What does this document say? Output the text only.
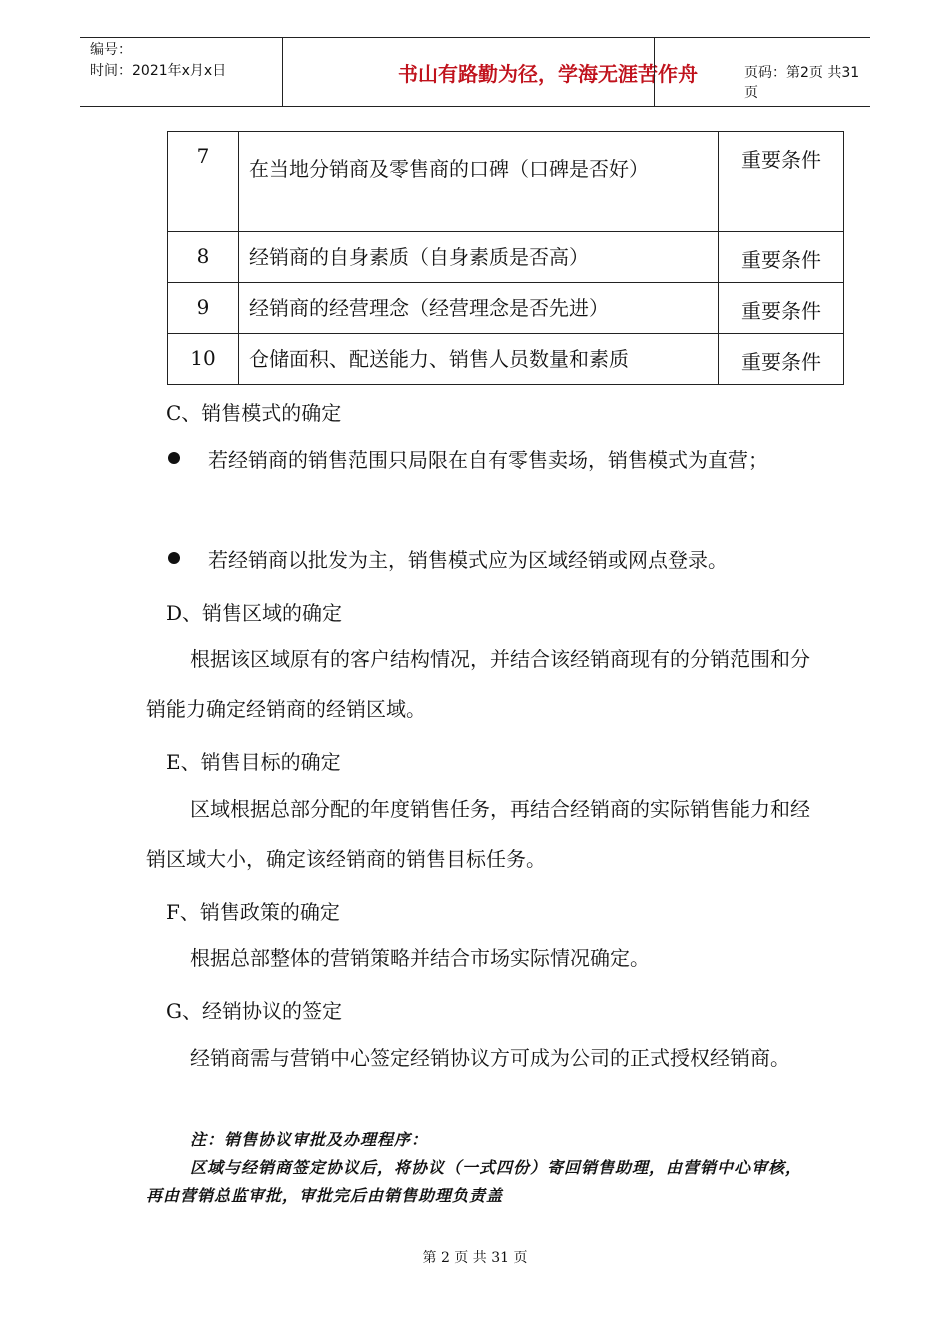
编号：
时间：2021年x月x日	书山有路勤为径，学海无涯苦作舟	页码：第2页 共31页
7	在当地分销商及零售商的口碑（口碑是否好）	重要条件
8	经销商的自身素质（自身素质是否高）	重要条件
9	经销商的经营理念（经营理念是否先进）	重要条件
10	仓储面积、配送能力、销售人员数量和素质	重要条件
C、销售模式的确定
若经销商的销售范围只局限在自有零售卖场，销售模式为直营；
若经销商以批发为主，销售模式应为区域经销或网点登录。
D、销售区域的确定
根据该区域原有的客户结构情况，并结合该经销商现有的分销范围和分销能力确定经销商的经销区域。
E、销售目标的确定
区域根据总部分配的年度销售任务，再结合经销商的实际销售能力和经销区域大小，确定该经销商的销售目标任务。
F、销售政策的确定
根据总部整体的营销策略并结合市场实际情况确定。
G、经销协议的签定
经销商需与营销中心签定经销协议方可成为公司的正式授权经销商。
注：销售协议审批及办理程序：
区域与经销商签定协议后，将协议（一式四份）寄回销售助理，由营销中心审核，再由营销总监审批，审批完后由销售助理负责盖
第 2 页 共 31 页
